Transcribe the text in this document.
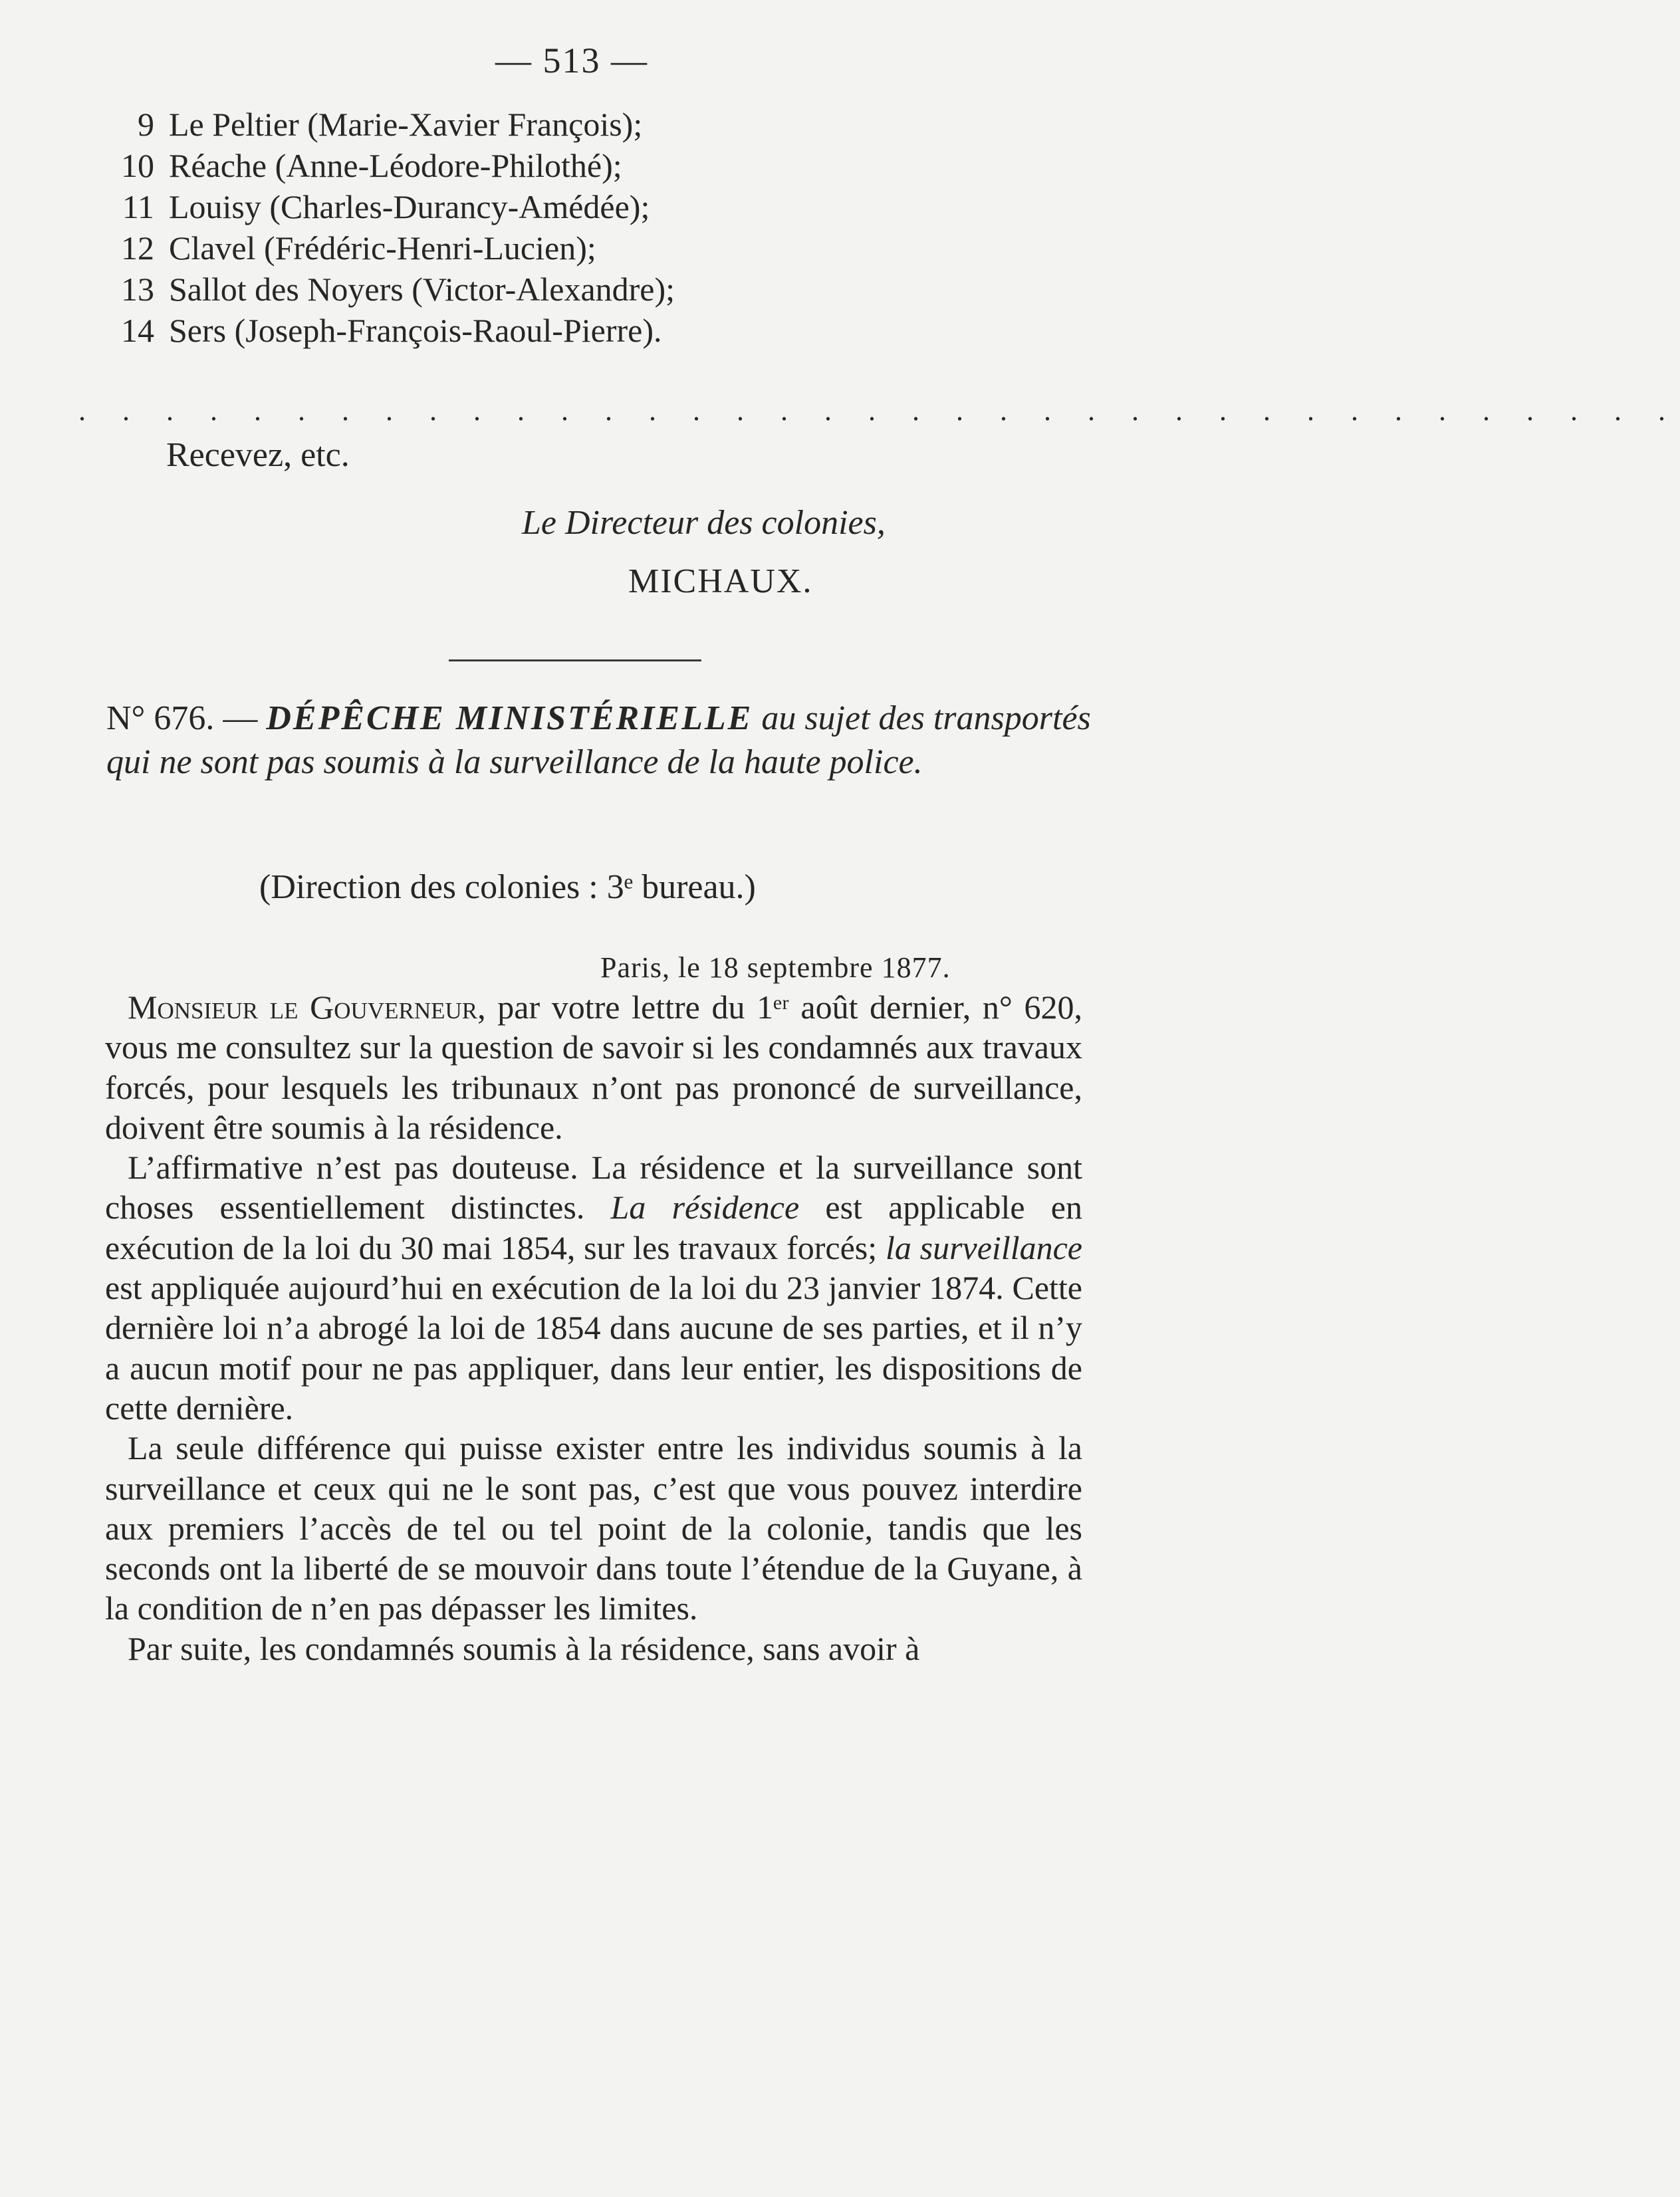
— 513 —
9 Le Peltier (Marie-Xavier François);
10 Réache (Anne-Léodore-Philothé);
11 Louisy (Charles-Durancy-Amédée);
12 Clavel (Frédéric-Henri-Lucien);
13 Sallot des Noyers (Victor-Alexandre);
14 Sers (Joseph-François-Raoul-Pierre).
. . . . . . . . . . . . . . . . . . . . . . . . . . . . . . . . . . . . .
Recevez, etc.
Le Directeur des colonies,
MICHAUX.
N° 676. — DÉPÊCHE MINISTÉRIELLE au sujet des transportés qui ne sont pas soumis à la surveillance de la haute police.
(Direction des colonies : 3ᵉ bureau.)
Paris, le 18 septembre 1877.

Monsieur le Gouverneur, par votre lettre du 1ᵉʳ août dernier, n° 620, vous me consultez sur la question de savoir si les condamnés aux travaux forcés, pour lesquels les tribunaux n’ont pas prononcé de surveillance, doivent être soumis à la résidence.

L’affirmative n’est pas douteuse. La résidence et la surveillance sont choses essentiellement distinctes. La résidence est applicable en exécution de la loi du 30 mai 1854, sur les travaux forcés; la surveillance est appliquée aujourd’hui en exécution de la loi du 23 janvier 1874. Cette dernière loi n’a abrogé la loi de 1854 dans aucune de ses parties, et il n’y a aucun motif pour ne pas appliquer, dans leur entier, les dispositions de cette dernière.

La seule différence qui puisse exister entre les individus soumis à la surveillance et ceux qui ne le sont pas, c’est que vous pouvez interdire aux premiers l’accès de tel ou tel point de la colonie, tandis que les seconds ont la liberté de se mouvoir dans toute l’étendue de la Guyane, à la condition de n’en pas dépasser les limites.

Par suite, les condamnés soumis à la résidence, sans avoir à
